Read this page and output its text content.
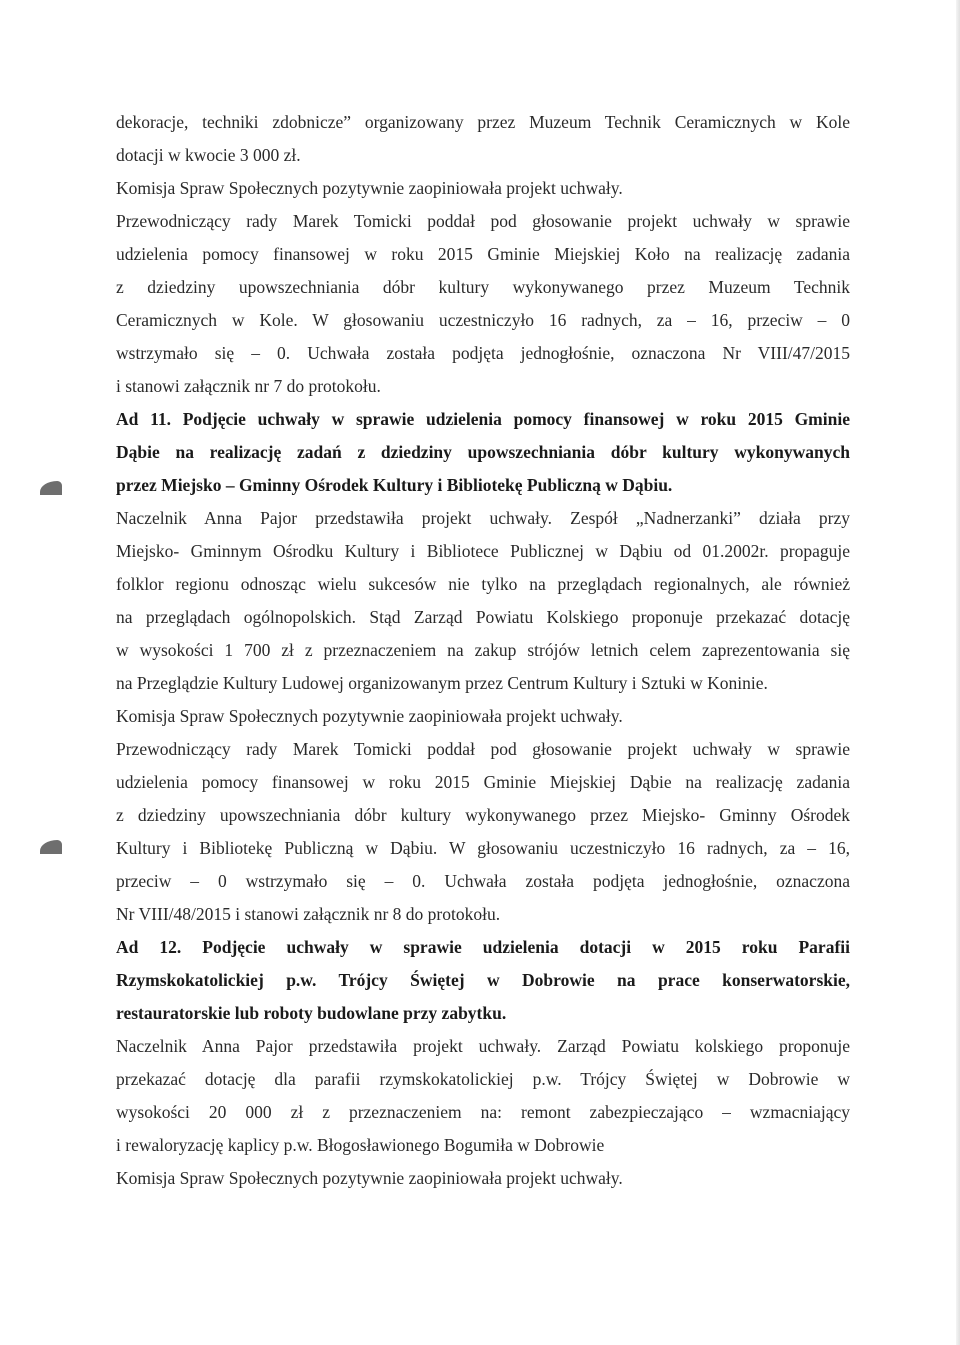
dekoracje, techniki zdobnicze” organizowany przez Muzeum Technik Ceramicznych w Kole
dotacji w kwocie 3 000 zł.
Komisja Spraw Społecznych pozytywnie zaopiniowała projekt uchwały.
Przewodniczący rady Marek Tomicki poddał pod głosowanie projekt uchwały w sprawie
udzielenia pomocy finansowej w roku 2015 Gminie Miejskiej Koło na realizację zadania
z dziedziny upowszechniania dóbr kultury wykonywanego przez Muzeum Technik
Ceramicznych w Kole. W głosowaniu uczestniczyło 16 radnych, za – 16, przeciw – 0
wstrzymało się – 0. Uchwała została podjęta jednogłośnie, oznaczona Nr VIII/47/2015
i stanowi załącznik nr 7 do protokołu.
Ad 11. Podjęcie uchwały w sprawie udzielenia pomocy finansowej w roku 2015 Gminie
Dąbie na realizację zadań z dziedziny upowszechniania dóbr kultury wykonywanych
przez Miejsko – Gminny Ośrodek Kultury i Bibliotekę Publiczną w Dąbiu.
Naczelnik Anna Pajor przedstawiła projekt uchwały. Zespół „Nadnerzanki” działa przy
Miejsko- Gminnym Ośrodku Kultury i Bibliotece Publicznej w Dąbiu od 01.2002r. propaguje
folklor regionu odnosząc wielu sukcesów nie tylko na przeglądach regionalnych, ale również
na przeglądach ogólnopolskich. Stąd Zarząd Powiatu Kolskiego proponuje przekazać dotację
w wysokości 1 700 zł z przeznaczeniem na zakup strójów letnich celem zaprezentowania się
na Przeglądzie Kultury Ludowej organizowanym przez Centrum Kultury i Sztuki w Koninie.
Komisja Spraw Społecznych pozytywnie zaopiniowała projekt uchwały.
Przewodniczący rady Marek Tomicki poddał pod głosowanie projekt uchwały w sprawie
udzielenia pomocy finansowej w roku 2015 Gminie Miejskiej Dąbie na realizację zadania
z dziedziny upowszechniania dóbr kultury wykonywanego przez Miejsko- Gminny Ośrodek
Kultury i Bibliotekę Publiczną w Dąbiu. W głosowaniu uczestniczyło 16 radnych, za – 16,
przeciw – 0 wstrzymało się – 0. Uchwała została podjęta jednogłośnie, oznaczona
Nr VIII/48/2015 i stanowi załącznik nr 8 do protokołu.
Ad 12. Podjęcie uchwały w sprawie udzielenia dotacji w 2015 roku Parafii
Rzymskokatolickiej p.w. Trójcy Świętej w Dobrowie na prace konserwatorskie,
restauratorskie lub roboty budowlane przy zabytku.
Naczelnik Anna Pajor przedstawiła projekt uchwały. Zarząd Powiatu kolskiego proponuje
przekazać dotację dla parafii rzymskokatolickiej p.w. Trójcy Świętej w Dobrowie w
wysokości 20 000 zł z przeznaczeniem na: remont zabezpieczająco – wzmacniający
i rewaloryzację kaplicy p.w. Błogosławionego Bogumiła w Dobrowie
Komisja Spraw Społecznych pozytywnie zaopiniowała projekt uchwały.
